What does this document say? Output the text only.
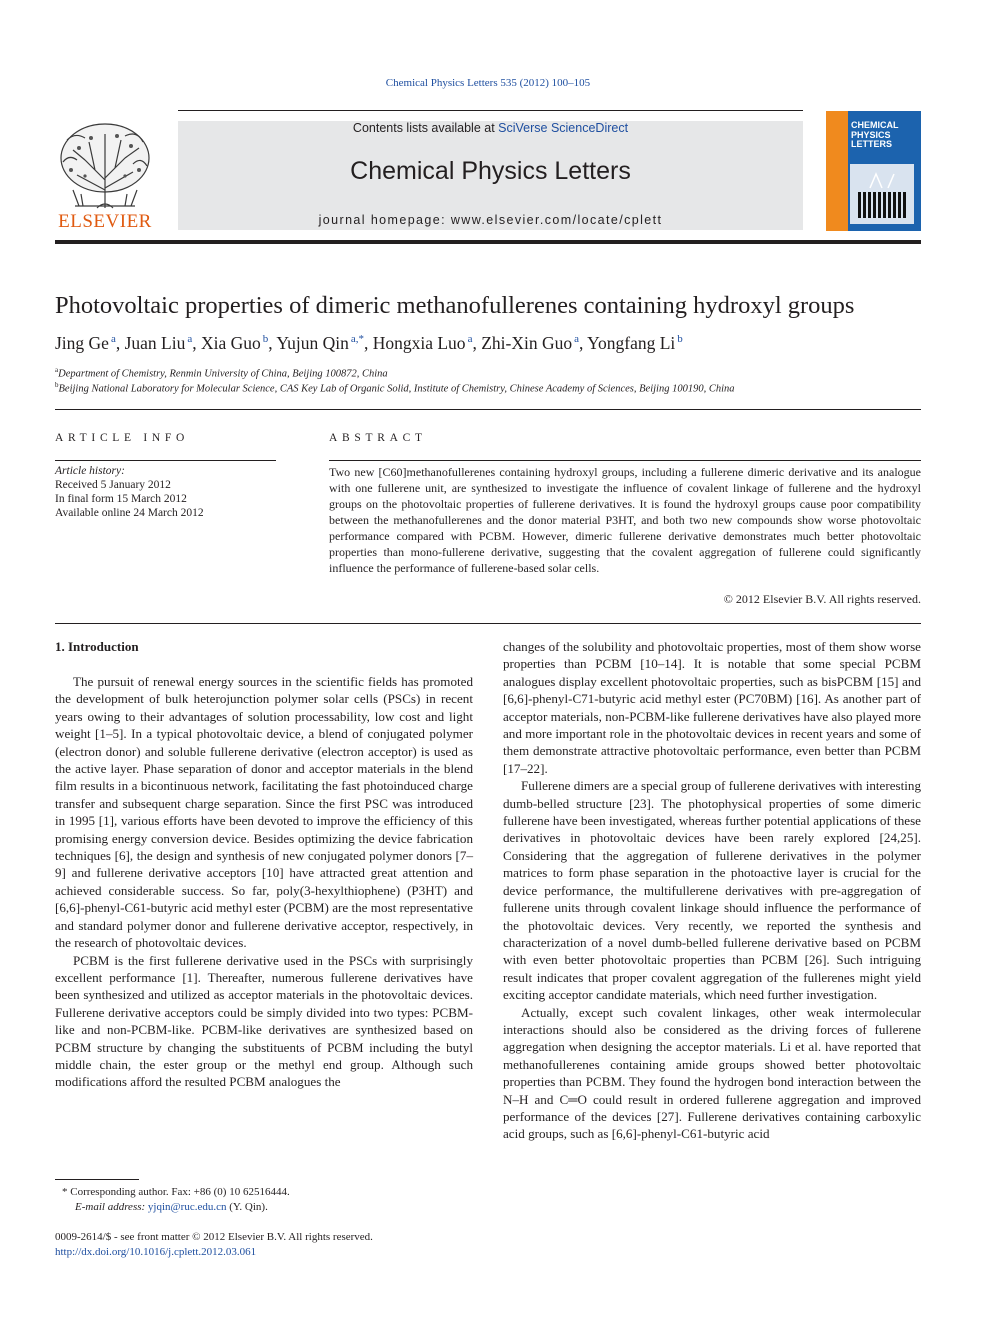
Chemical Physics Letters 535 (2012) 100–105
Contents lists available at SciVerse ScienceDirect
Chemical Physics Letters
journal homepage: www.elsevier.com/locate/cplett
ELSEVIER
CHEMICAL
PHYSICS
LETTERS
Photovoltaic properties of dimeric methanofullerenes containing hydroxyl groups
Jing Ge $^a$, Juan Liu $^a$, Xia Guo $^b$, Yujun Qin $^{a,*}$, Hongxia Luo $^a$, Zhi-Xin Guo $^a$, Yongfang Li $^b$
$^a$Department of Chemistry, Renmin University of China, Beijing 100872, China
$^b$Beijing National Laboratory for Molecular Science, CAS Key Lab of Organic Solid, Institute of Chemistry, Chinese Academy of Sciences, Beijing 100190, China
ARTICLE INFO	ABSTRACT
Article history:
Received 5 January 2012
In final form 15 March 2012
Available online 24 March 2012
Two new [C60]methanofullerenes containing hydroxyl groups, including a fullerene dimeric derivative and its analogue with one fullerene unit, are synthesized to investigate the influence of covalent linkage of fullerene and the hydroxyl groups on the photovoltaic properties of fullerene derivatives. It is found the hydroxyl groups cause poor compatibility between the methanofullerenes and the donor material P3HT, and both two new compounds show worse photovoltaic performance compared with PCBM. However, dimeric fullerene derivative demonstrates much better photovoltaic properties than mono-fullerene derivative, suggesting that the covalent aggregation of fullerene could significantly influence the performance of fullerene-based solar cells.
© 2012 Elsevier B.V. All rights reserved.
1. Introduction

The pursuit of renewal energy sources in the scientific fields has promoted the development of bulk heterojunction polymer solar cells (PSCs) in recent years owing to their advantages of solution processability, low cost and light weight [1–5]. In a typical photovoltaic device, a blend of conjugated polymer (electron donor) and soluble fullerene derivative (electron acceptor) is used as the active layer. Phase separation of donor and acceptor materials in the blend film results in a bicontinuous network, facilitating the fast photoinduced charge transfer and subsequent charge separation. Since the first PSC was introduced in 1995 [1], various efforts have been devoted to improve the efficiency of this promising energy conversion device. Besides optimizing the device fabrication techniques [6], the design and synthesis of new conjugated polymer donors [7–9] and fullerene derivative acceptors [10] have attracted great attention and achieved considerable success. So far, poly(3-hexylthiophene) (P3HT) and [6,6]-phenyl-C61-butyric acid methyl ester (PCBM) are the most representative and standard polymer donor and fullerene derivative acceptor, respectively, in the research of photovoltaic devices.

PCBM is the first fullerene derivative used in the PSCs with surprisingly excellent performance [1]. Thereafter, numerous fullerene derivatives have been synthesized and utilized as acceptor materials in the photovoltaic devices. Fullerene derivative acceptors could be simply divided into two types: PCBM-like and non-PCBM-like. PCBM-like derivatives are synthesized based on PCBM structure by changing the substituents of PCBM including the butyl middle chain, the ester group or the methyl end group. Although such modifications afford the resulted PCBM analogues the

changes of the solubility and photovoltaic properties, most of them show worse properties than PCBM [10–14]. It is notable that some special PCBM analogues display excellent photovoltaic properties, such as bisPCBM [15] and [6,6]-phenyl-C71-butyric acid methyl ester (PC70BM) [16]. As another part of acceptor materials, non-PCBM-like fullerene derivatives have also played more and more important role in the photovoltaic devices in recent years and some of them demonstrate attractive photovoltaic performance, even better than PCBM [17–22].

Fullerene dimers are a special group of fullerene derivatives with interesting dumb-belled structure [23]. The photophysical properties of some dimeric fullerene have been investigated, whereas further potential applications of these derivatives in photovoltaic devices have been rarely explored [24,25]. Considering that the aggregation of fullerene derivatives in the polymer matrices to form phase separation in the photoactive layer is crucial for the device performance, the multifullerene derivatives with pre-aggregation of fullerene units through covalent linkage should influence the performance of the photovoltaic devices. Very recently, we reported the synthesis and characterization of a novel dumb-belled fullerene derivative based on PCBM with even better photovoltaic properties than PCBM [26]. Such intriguing result indicates that proper covalent aggregation of the fullerenes might yield exciting acceptor candidate materials, which need further investigation.

Actually, except such covalent linkages, other weak intermolecular interactions should also be considered as the driving forces of fullerene aggregation when designing the acceptor materials. Li et al. have reported that methanofullerenes containing amide groups showed better photovoltaic properties than PCBM. They found the hydrogen bond interaction between the N–H and C═O could result in ordered fullerene aggregation and improved performance of the devices [27]. Fullerene derivatives containing carboxylic acid groups, such as [6,6]-phenyl-C61-butyric acid

* Corresponding author. Fax: +86 (0) 10 62516444.
E-mail address: yjqin@ruc.edu.cn (Y. Qin).
0009-2614/$ - see front matter © 2012 Elsevier B.V. All rights reserved.
http://dx.doi.org/10.1016/j.cplett.2012.03.061
